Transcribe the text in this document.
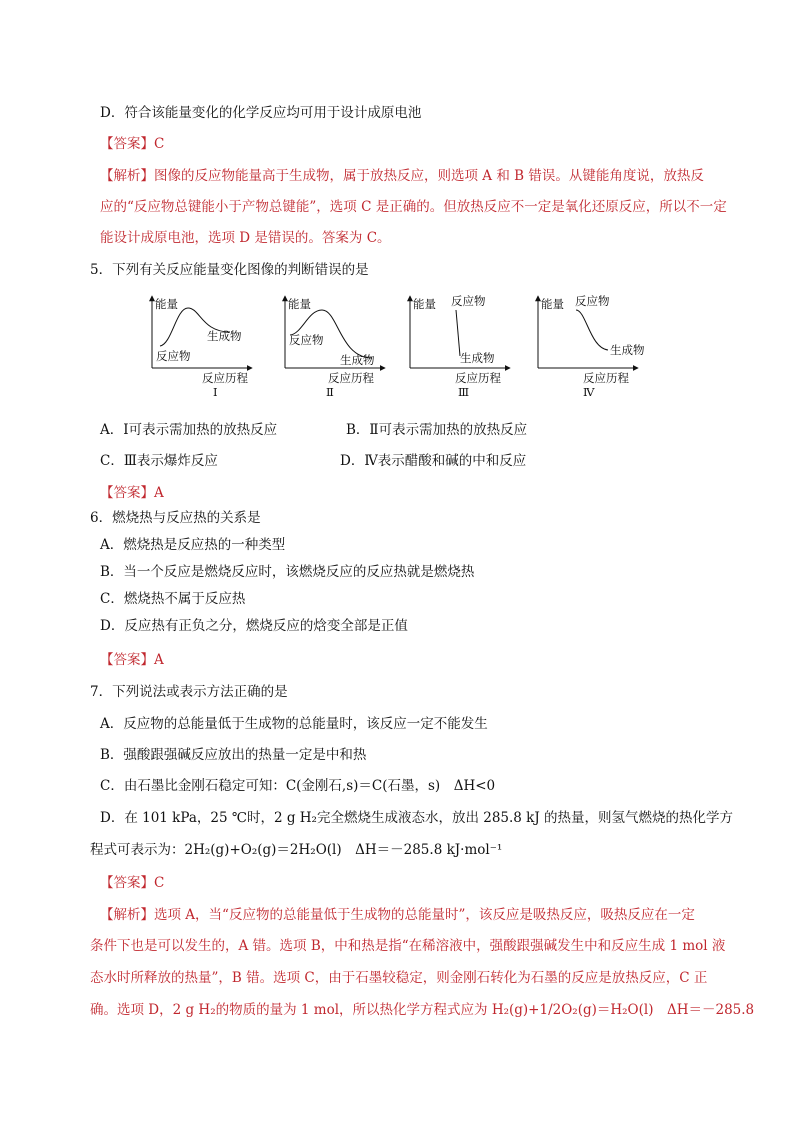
D．符合该能量变化的化学反应均可用于设计成原电池
【答案】C
【解析】图像的反应物能量高于生成物，属于放热反应，则选项 A 和 B 错误。从键能角度说，放热反
应的“反应物总键能小于产物总键能”，选项 C 是正确的。但放热反应不一定是氧化还原反应，所以不一定
能设计成原电池，选项 D 是错误的。答案为 C。
5．下列有关反应能量变化图像的判断错误的是
能量
反应历程
反应物
生成物
Ⅰ
能量
反应历程
反应物
生成物
Ⅱ
能量
反应历程
反应物
生成物
Ⅲ
能量
反应历程
反应物
生成物
Ⅳ
A．Ⅰ可表示需加热的放热反应	B．Ⅱ可表示需加热的放热反应
C．Ⅲ表示爆炸反应	D．Ⅳ表示醋酸和碱的中和反应
【答案】A
6．燃烧热与反应热的关系是
A．燃烧热是反应热的一种类型
B．当一个反应是燃烧反应时，该燃烧反应的反应热就是燃烧热
C．燃烧热不属于反应热
D．反应热有正负之分，燃烧反应的焓变全部是正值
【答案】A
7．下列说法或表示方法正确的是
A．反应物的总能量低于生成物的总能量时，该反应一定不能发生
B．强酸跟强碱反应放出的热量一定是中和热
C．由石墨比金刚石稳定可知：C(金刚石,s)＝C(石墨，s)　ΔH<0
D．在 101 kPa，25 ℃时，2 g H₂完全燃烧生成液态水，放出 285.8 kJ 的热量，则氢气燃烧的热化学方
程式可表示为：2H₂(g)+O₂(g)＝2H₂O(l)　ΔH＝－285.8 kJ·mol⁻¹
【答案】C
【解析】选项 A，当“反应物的总能量低于生成物的总能量时”，该反应是吸热反应，吸热反应在一定
条件下也是可以发生的，A 错。选项 B，中和热是指“在稀溶液中，强酸跟强碱发生中和反应生成 1 mol 液
态水时所释放的热量”，B 错。选项 C，由于石墨较稳定，则金刚石转化为石墨的反应是放热反应，C 正
确。选项 D，2 g H₂的物质的量为 1 mol，所以热化学方程式应为 H₂(g)+1/2O₂(g)＝H₂O(l)　ΔH＝－285.8
